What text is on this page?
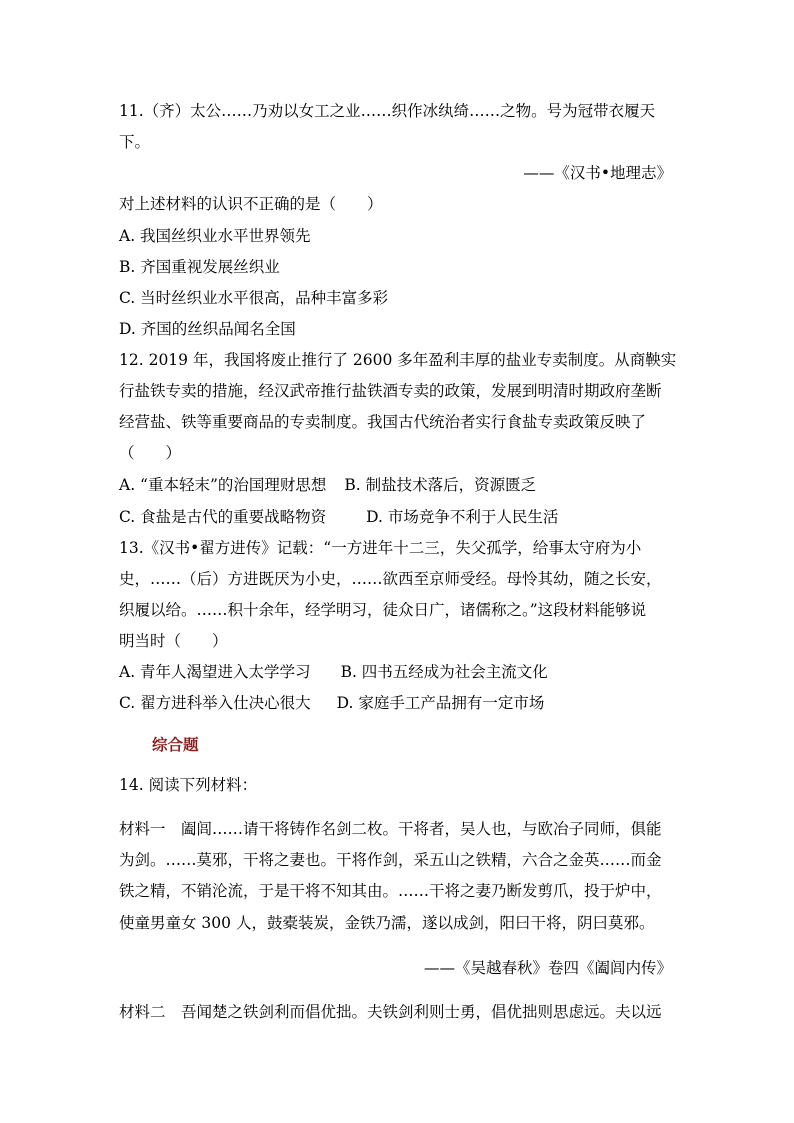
11.（齐）太公……乃劝以女工之业……织作冰纨绮……之物。号为冠带衣履天
下。
——《汉书•地理志》
对上述材料的认识不正确的是（　　）
A. 我国丝织业水平世界领先
B. 齐国重视发展丝织业
C. 当时丝织业水平很高，品种丰富多彩
D. 齐国的丝织品闻名全国
12. 2019 年，我国将废止推行了 2600 多年盈利丰厚的盐业专卖制度。从商鞅实
行盐铁专卖的措施，经汉武帝推行盐铁酒专卖的政策，发展到明清时期政府垄断
经营盐、铁等重要商品的专卖制度。我国古代统治者实行食盐专卖政策反映了
（　　）
A. “重本轻末”的治国理财思想 B. 制盐技术落后，资源匮乏
C. 食盐是古代的重要战略物资	D. 市场竞争不利于人民生活
13.《汉书•翟方进传》记载：“一方进年十二三，失父孤学，给事太守府为小
史，……（后）方进既厌为小史，……欲西至京师受经。母怜其幼，随之长安，
织履以给。……积十余年，经学明习，徒众日广，诸儒称之。”这段材料能够说
明当时（　　）
A. 青年人渴望进入太学学习 B. 四书五经成为社会主流文化
C. 翟方进科举入仕决心很大 D. 家庭手工产品拥有一定市场
综合题
14. 阅读下列材料：
材料一　阖闾……请干将铸作名剑二枚。干将者，吴人也，与欧冶子同师，俱能
为剑。……莫邪，干将之妻也。干将作剑，采五山之铁精，六合之金英……而金
铁之精，不销沦流，于是干将不知其由。……干将之妻乃断发剪爪，投于炉中，
使童男童女 300 人，鼓橐装炭，金铁乃濡，遂以成剑，阳曰干将，阴曰莫邪。
——《吴越春秋》卷四《阖闾内传》
材料二　吾闻楚之铁剑利而倡优拙。夫铁剑利则士勇，倡优拙则思虑远。夫以远
